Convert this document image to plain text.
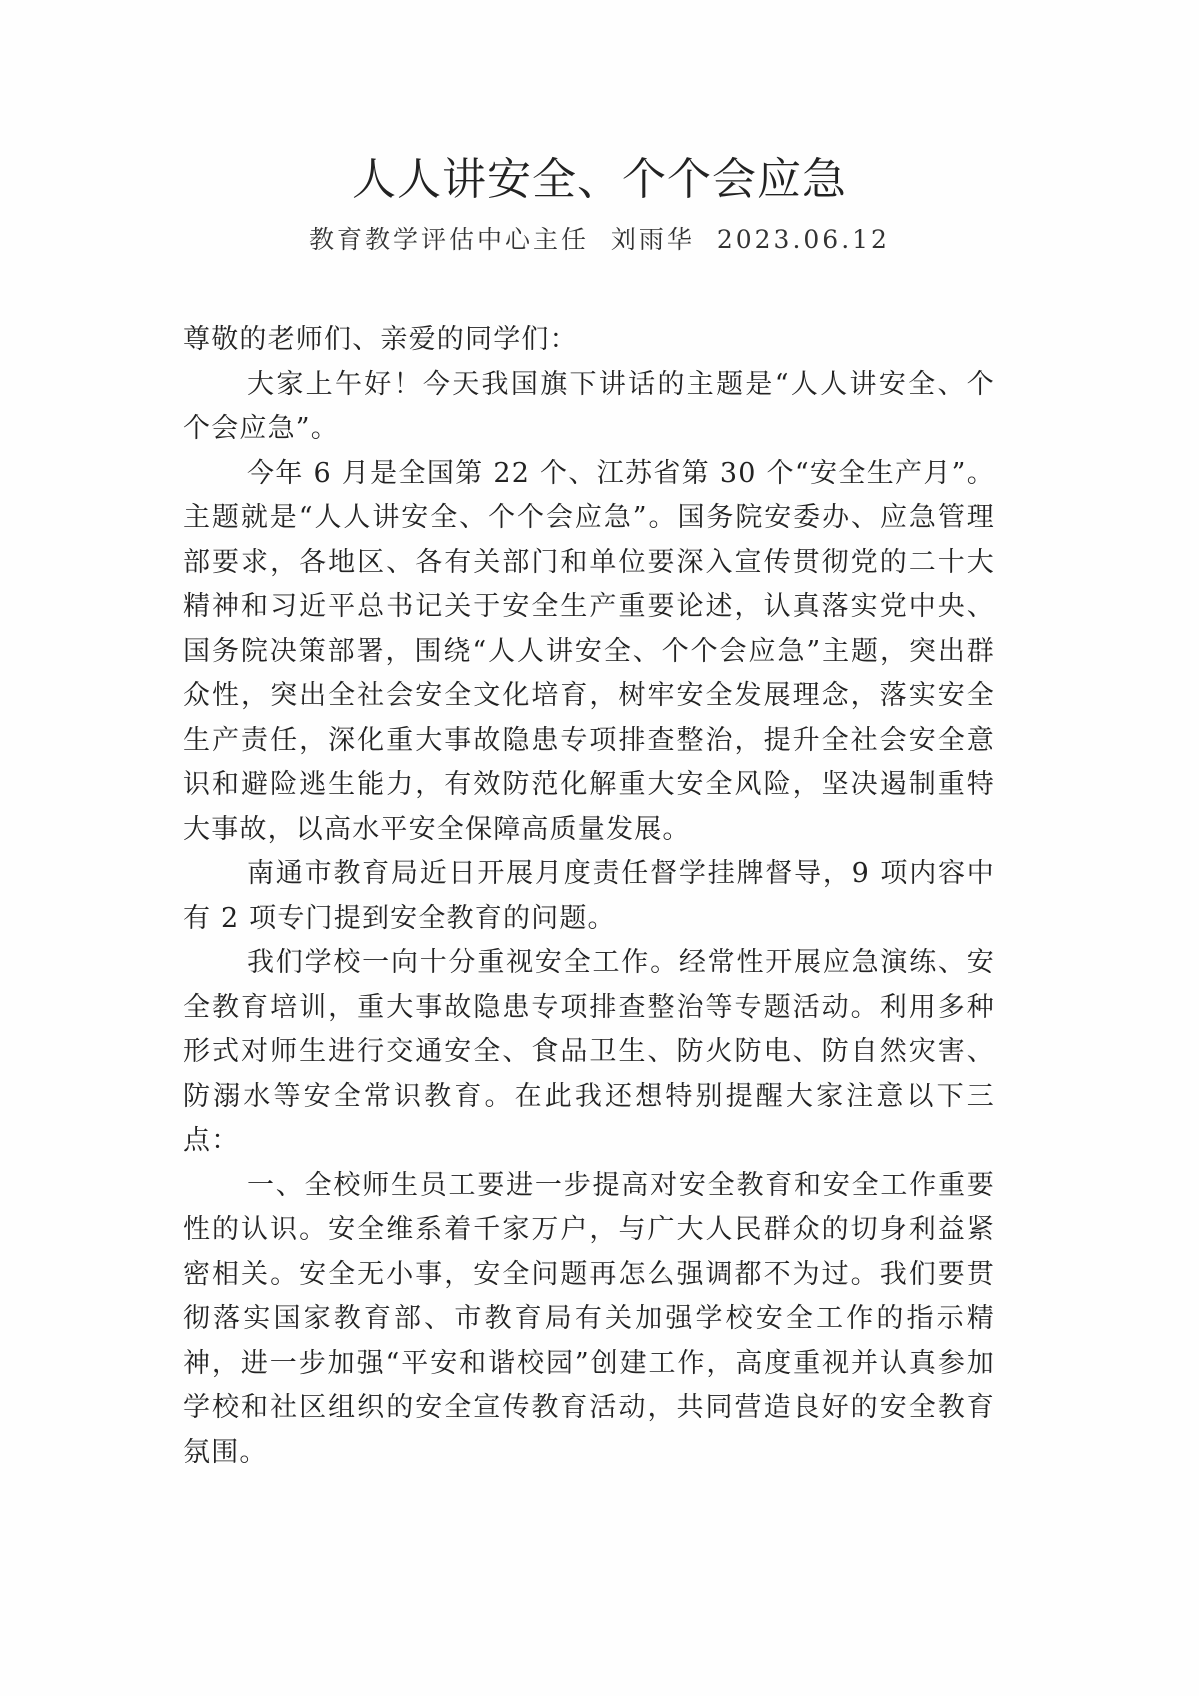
人人讲安全、个个会应急
教育教学评估中心主任  刘雨华  2023.06.12

尊敬的老师们、亲爱的同学们：

大家上午好！今天我国旗下讲话的主题是“人人讲安全、个个会应急”。

今年 6 月是全国第 22 个、江苏省第 30 个“安全生产月”。主题就是“人人讲安全、个个会应急”。国务院安委办、应急管理部要求，各地区、各有关部门和单位要深入宣传贯彻党的二十大精神和习近平总书记关于安全生产重要论述，认真落实党中央、国务院决策部署，围绕“人人讲安全、个个会应急”主题，突出群众性，突出全社会安全文化培育，树牢安全发展理念，落实安全生产责任，深化重大事故隐患专项排查整治，提升全社会安全意识和避险逃生能力，有效防范化解重大安全风险，坚决遏制重特大事故，以高水平安全保障高质量发展。

南通市教育局近日开展月度责任督学挂牌督导，9 项内容中有 2 项专门提到安全教育的问题。

我们学校一向十分重视安全工作。经常性开展应急演练、安全教育培训，重大事故隐患专项排查整治等专题活动。利用多种形式对师生进行交通安全、食品卫生、防火防电、防自然灾害、防溺水等安全常识教育。在此我还想特别提醒大家注意以下三点：

一、全校师生员工要进一步提高对安全教育和安全工作重要性的认识。安全维系着千家万户，与广大人民群众的切身利益紧密相关。安全无小事，安全问题再怎么强调都不为过。我们要贯彻落实国家教育部、市教育局有关加强学校安全工作的指示精神，进一步加强“平安和谐校园”创建工作，高度重视并认真参加学校和社区组织的安全宣传教育活动，共同营造良好的安全教育氛围。
